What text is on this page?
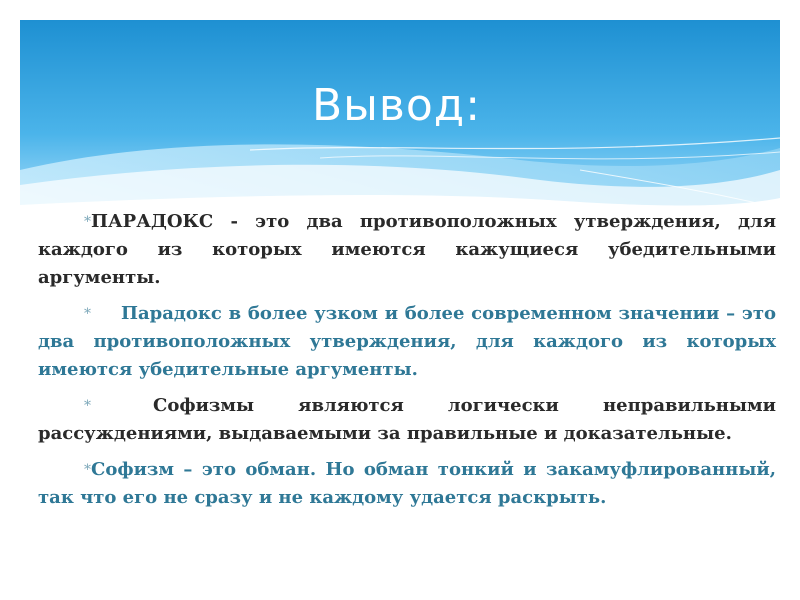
Вывод:

*ПАРАДОКС - это два противоположных утверждения, для каждого из которых имеются кажущиеся убедительными аргументы.

* Парадокс в более узком и более современном значении – это два противоположных утверждения, для каждого из которых имеются убедительные аргументы.

*	Софизмы являются логически неправильными рассуждениями, выдаваемыми за правильные и доказательные.

*Софизм – это обман. Но обман тонкий и закамуфлированный, так что его не сразу и не каждому удается раскрыть.
